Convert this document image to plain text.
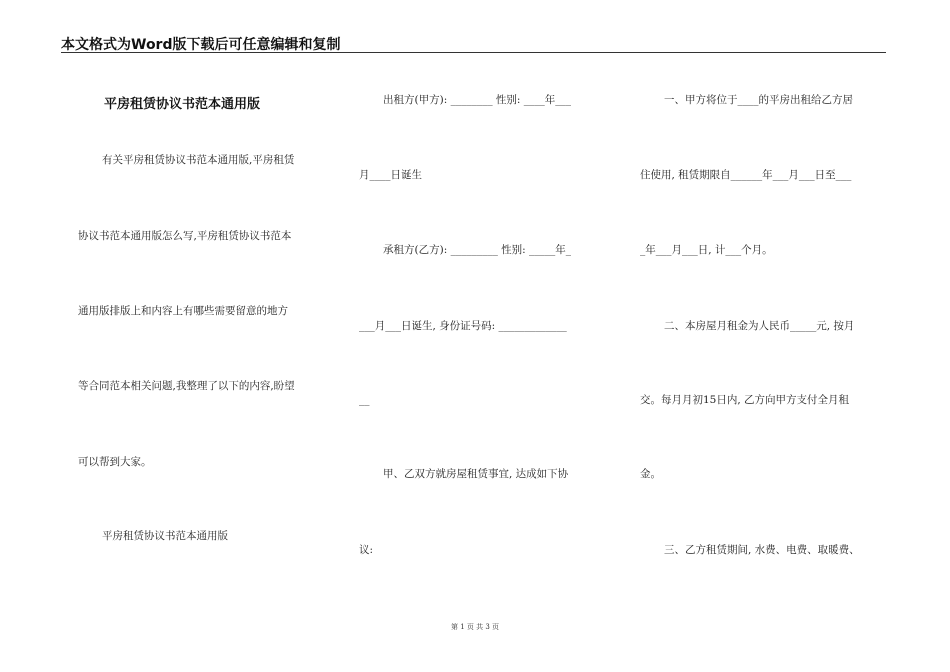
本文格式为Word版下载后可任意编辑和复制
平房租赁协议书范本通用版
有关平房租赁协议书范本通用版,平房租赁
协议书范本通用版怎么写,平房租赁协议书范本
通用版排版上和内容上有哪些需要留意的地方
等合同范本相关问题,我整理了以下的内容,盼望
可以帮到大家。
平房租赁协议书范本通用版
出租方(甲方): ________ 性别: ____年___
月____日诞生
承租方(乙方): _________ 性别: _____年_
___月___日诞生, 身份证号码: _____________
__
甲、乙双方就房屋租赁事宜, 达成如下协
议:
一、甲方将位于____的平房出租给乙方居
住使用, 租赁期限自______年___月___日至___
_年___月___日, 计___个月。
二、本房屋月租金为人民币_____元, 按月
交。每月月初15日内, 乙方向甲方支付全月租
金。
三、乙方租赁期间, 水费、电费、取暖费、
第 1 页 共 3 页
